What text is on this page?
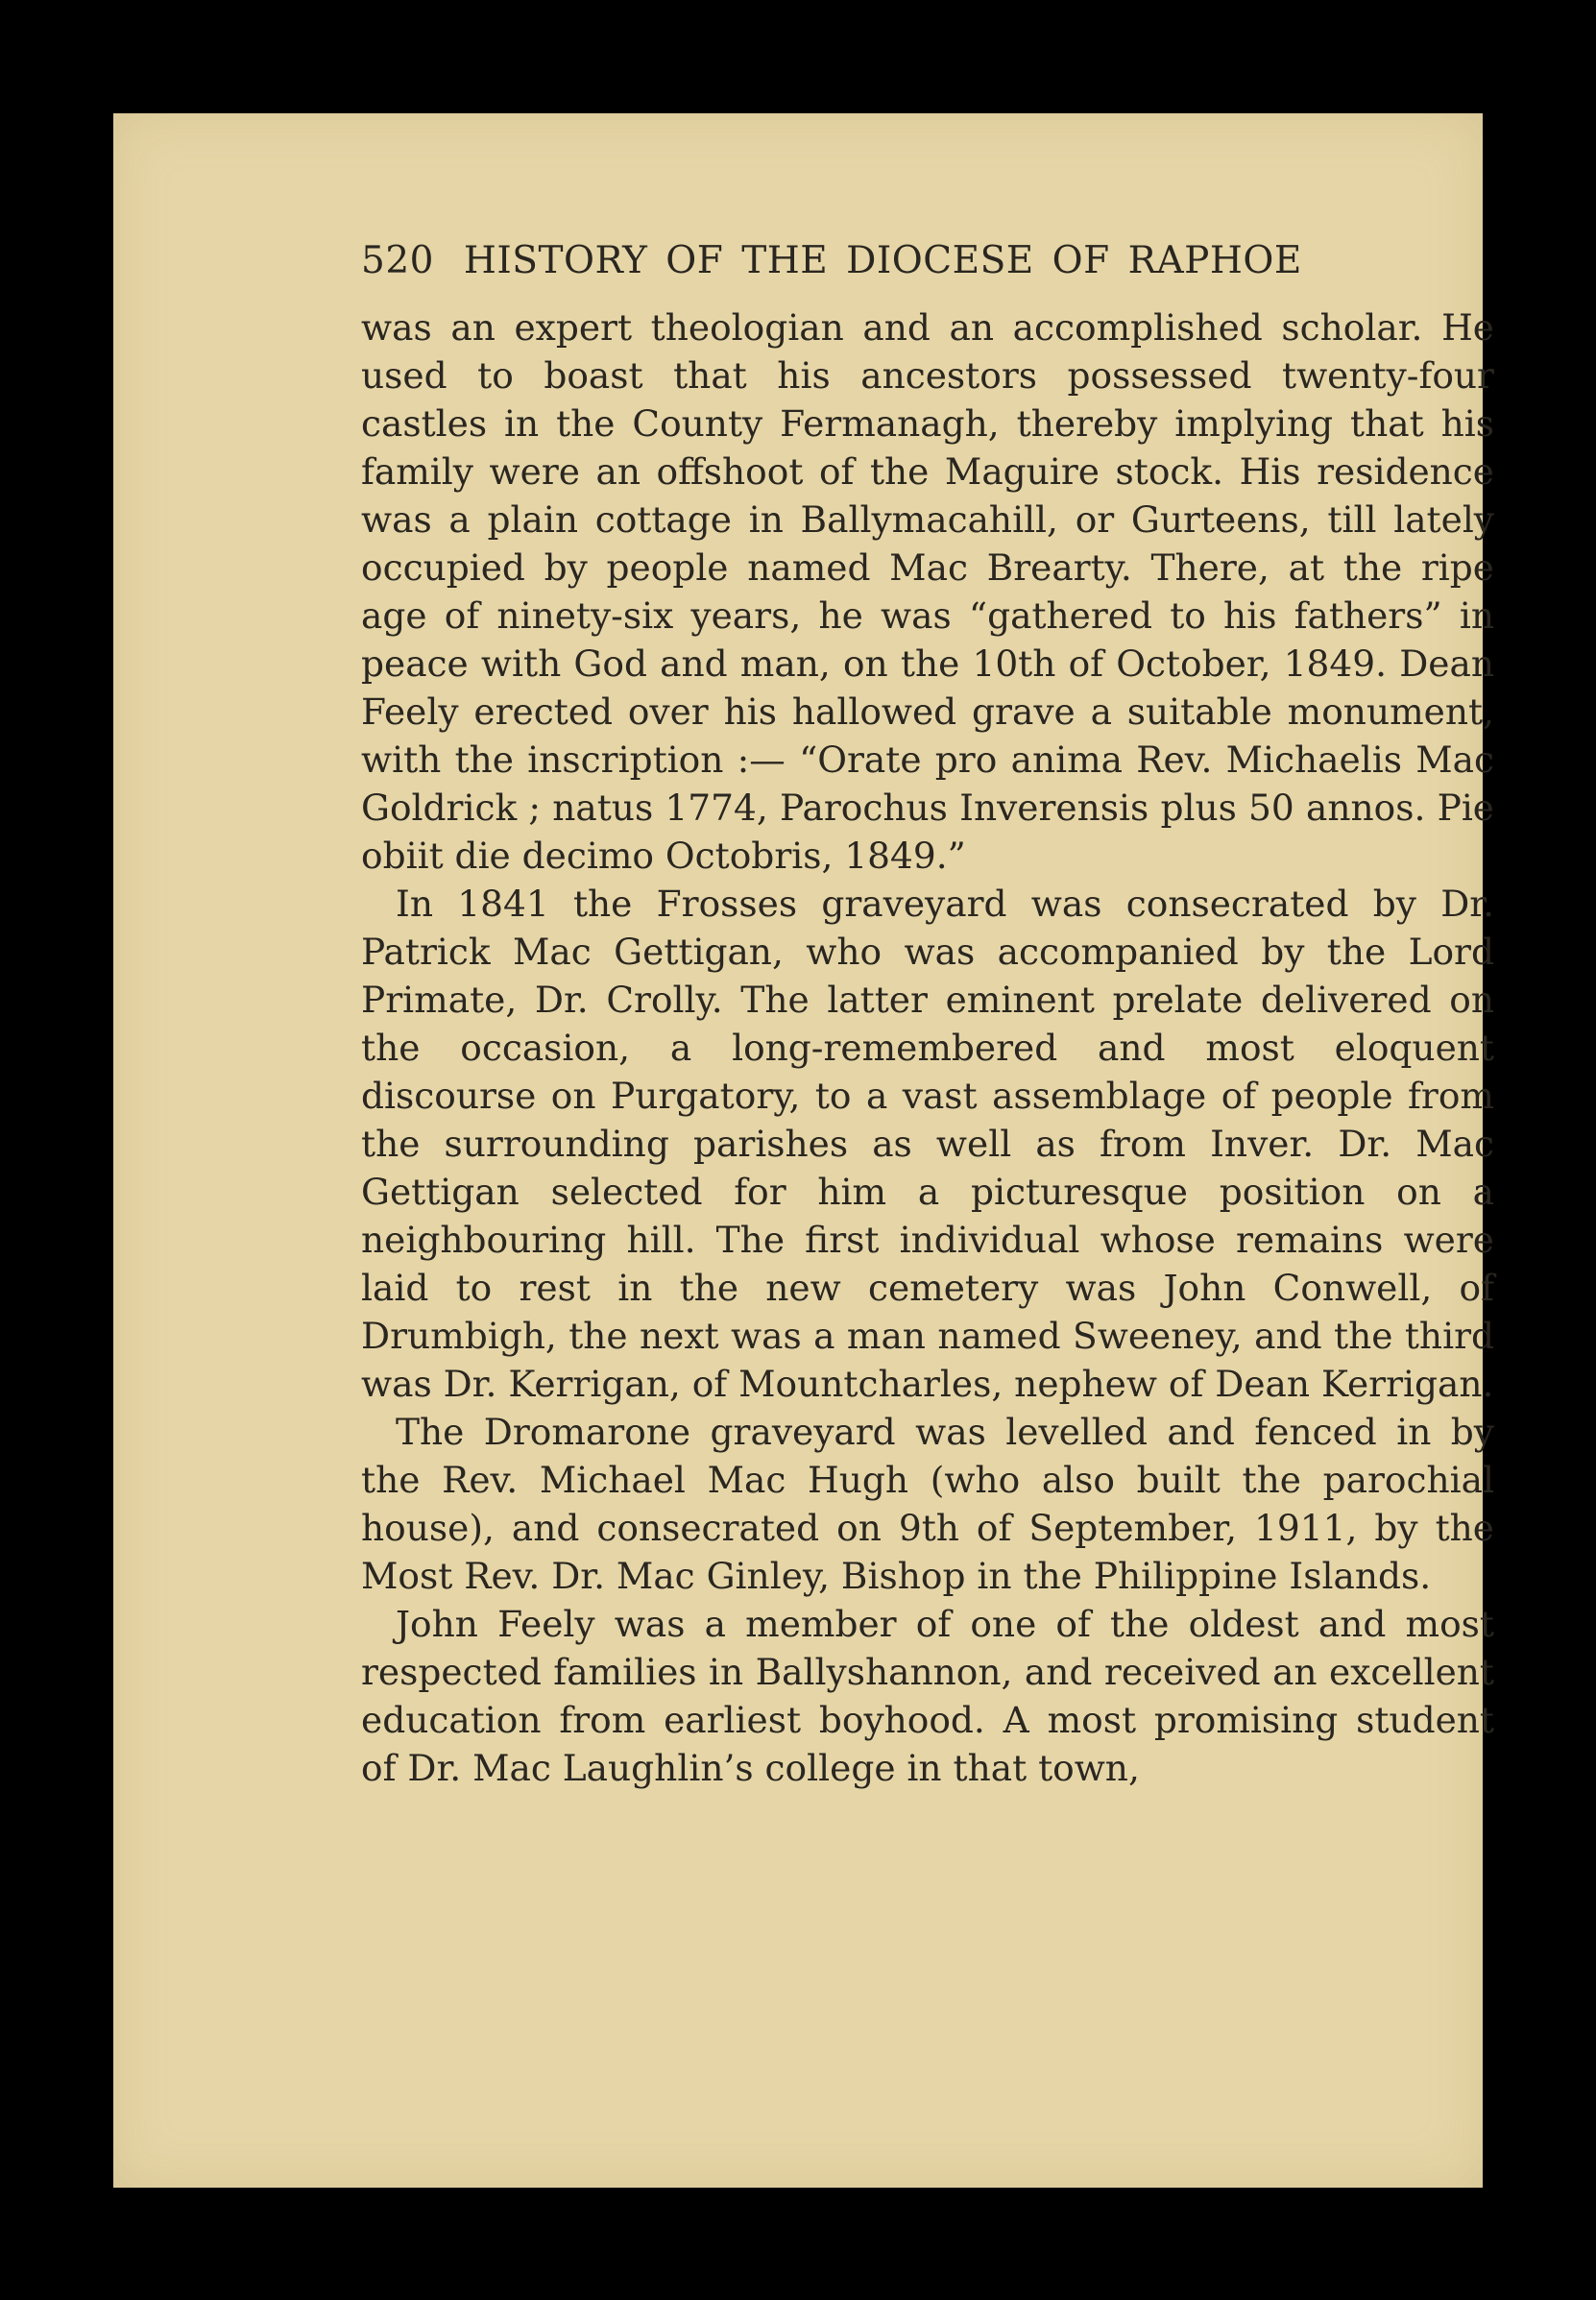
520 HISTORY OF THE DIOCESE OF RAPHOE

was an expert theologian and an accomplished scholar. He used to boast that his ancestors possessed twenty-four castles in the County Fermanagh, thereby implying that his family were an offshoot of the Maguire stock. His residence was a plain cottage in Ballymacahill, or Gurteens, till lately occupied by people named Mac Brearty. There, at the ripe age of ninety-six years, he was “gathered to his fathers” in peace with God and man, on the 10th of October, 1849. Dean Feely erected over his hallowed grave a suitable monument, with the inscription :— “Orate pro anima Rev. Michaelis Mac Goldrick ; natus 1774, Parochus Inverensis plus 50 annos. Pie obiit die decimo Octobris, 1849.”

In 1841 the Frosses graveyard was consecrated by Dr. Patrick Mac Gettigan, who was accompanied by the Lord Primate, Dr. Crolly. The latter eminent prelate delivered on the occasion, a long-remembered and most eloquent discourse on Purgatory, to a vast assemblage of people from the surrounding parishes as well as from Inver. Dr. Mac Gettigan selected for him a picturesque position on a neighbouring hill. The first individual whose remains were laid to rest in the new cemetery was John Conwell, of Drumbigh, the next was a man named Sweeney, and the third was Dr. Kerrigan, of Mountcharles, nephew of Dean Kerrigan.

The Dromarone graveyard was levelled and fenced in by the Rev. Michael Mac Hugh (who also built the parochial house), and consecrated on 9th of September, 1911, by the Most Rev. Dr. Mac Ginley, Bishop in the Philippine Islands.

John Feely was a member of one of the oldest and most respected families in Ballyshannon, and received an excellent education from earliest boyhood. A most promising student of Dr. Mac Laughlin’s college in that town,
